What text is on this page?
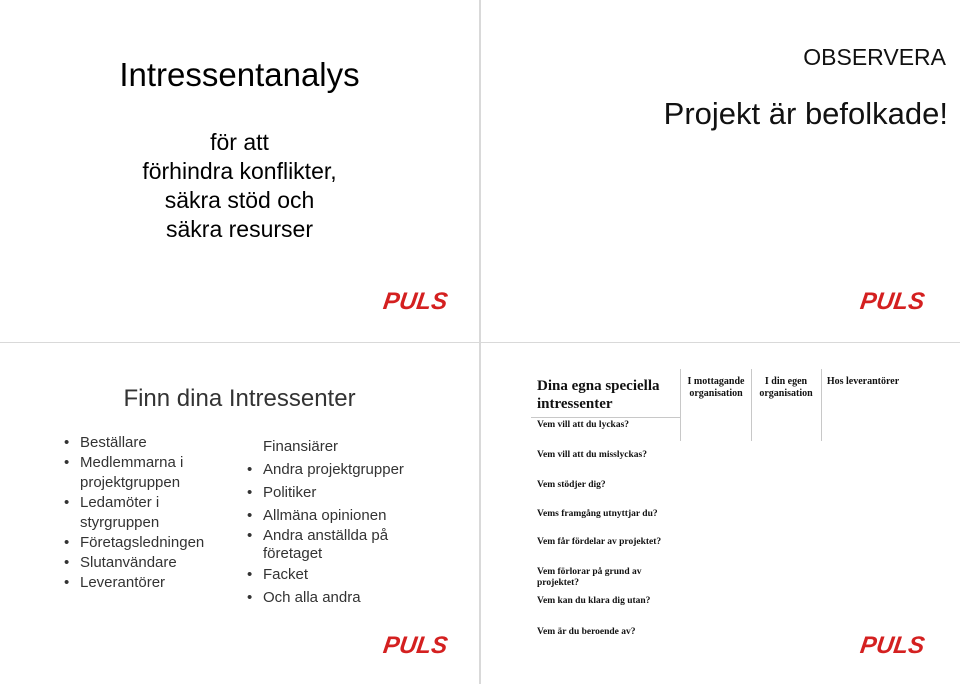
Intressentanalys
för att
förhindra konflikter,
säkra stöd och
säkra resurser
PULS
OBSERVERA
Projekt är befolkade!
PULS
Finn dina Intressenter
• Beställare
• Medlemmarna i
projektgruppen
• Ledamöter i
styrgruppen
• Företagsledningen
• Slutanvändare
• Leverantörer
Finansiärer
• Andra projektgrupper
• Politiker
• Allmäna opinionen
• Andra anställda på
företaget
• Facket
• Och alla andra
PULS
Dina egna speciella intressenter
I mottagande organisation
I din egen organisation
Hos leverantörer
Vem vill att du lyckas?
Vem vill att du misslyckas?
Vem stödjer dig?
Vems framgång utnyttjar du?
Vem får fördelar av projektet?
Vem förlorar på grund av projektet?
Vem kan du klara dig utan?
Vem är du beroende av?
PULS
